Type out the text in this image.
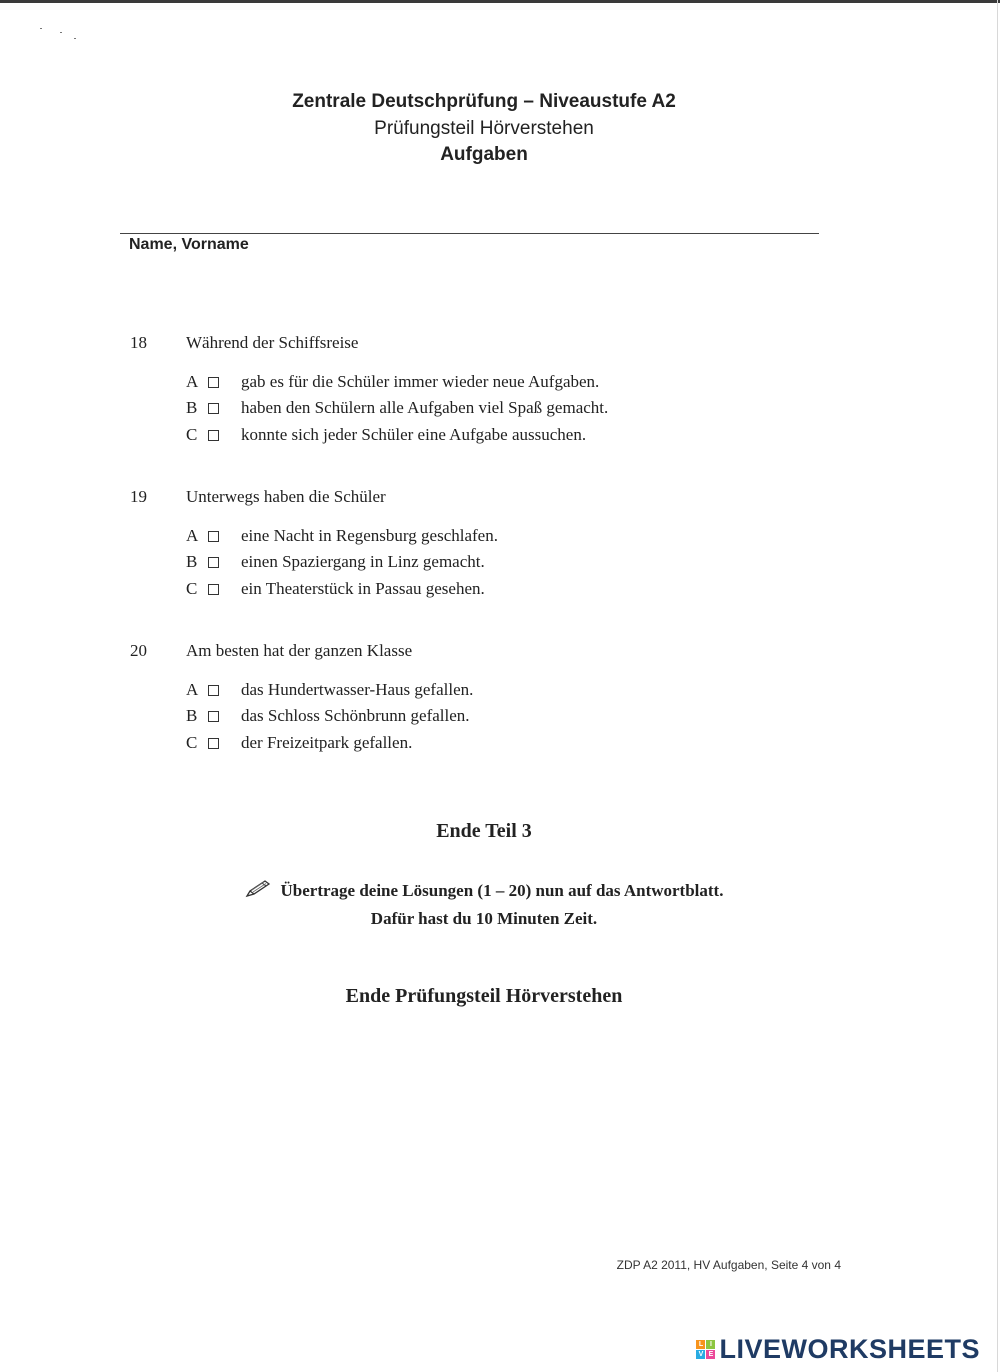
Zentrale Deutschprüfung – Niveaustufe A2
Prüfungsteil Hörverstehen
Aufgaben
Name, Vorname
18 Während der Schiffsreise
A	gab es für die Schüler immer wieder neue Aufgaben.
B	haben den Schülern alle Aufgaben viel Spaß gemacht.
C	konnte sich jeder Schüler eine Aufgabe aussuchen.
19 Unterwegs haben die Schüler
A	eine Nacht in Regensburg geschlafen.
B	einen Spaziergang in Linz gemacht.
C	ein Theaterstück in Passau gesehen.
20 Am besten hat der ganzen Klasse
A	das Hundertwasser-Haus gefallen.
B	das Schloss Schönbrunn gefallen.
C	der Freizeitpark gefallen.
Ende Teil 3
Übertrage deine Lösungen (1 – 20) nun auf das Antwortblatt.
Dafür hast du 10 Minuten Zeit.
Ende Prüfungsteil Hörverstehen
ZDP A2 2011, HV Aufgaben, Seite 4 von 4
L I
V E LIVEWORKSHEETS
